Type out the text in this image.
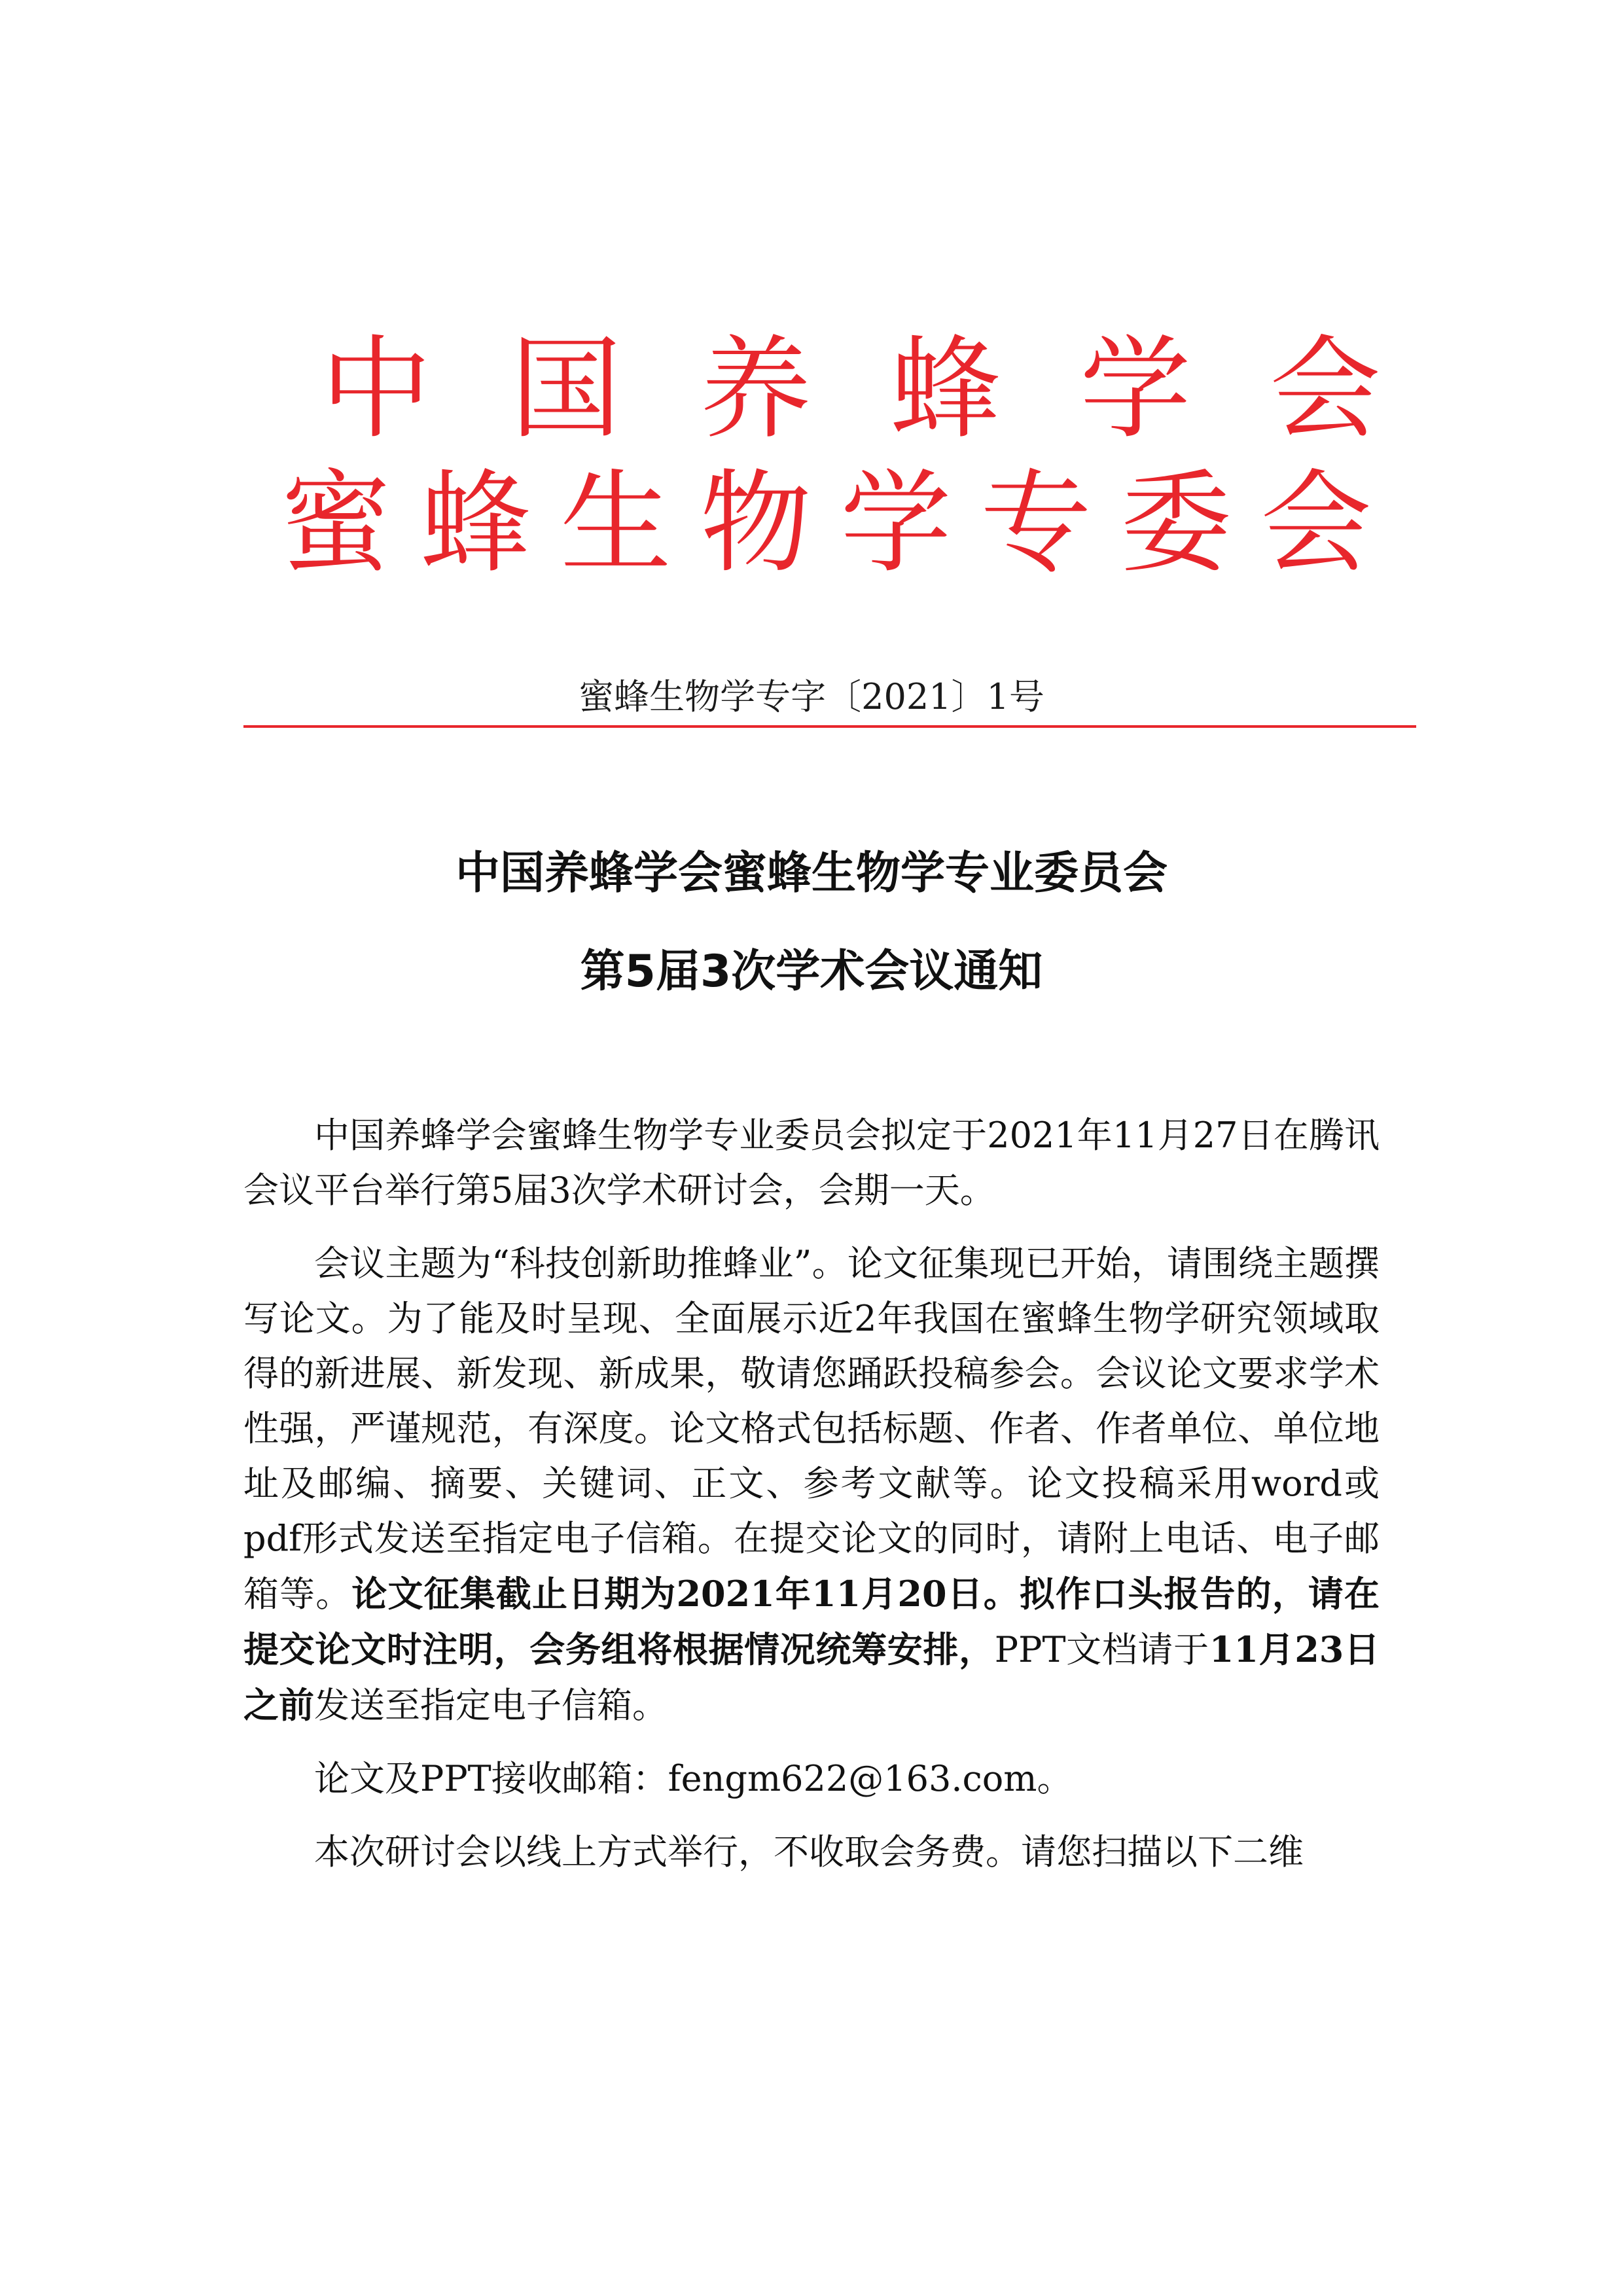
中国养蜂学会
蜜蜂生物学专委会
蜜蜂生物学专字〔2021〕1号
中国养蜂学会蜜蜂生物学专业委员会
第5届3次学术会议通知

中国养蜂学会蜜蜂生物学专业委员会拟定于2021年11月27日在腾讯会议平台举行第5届3次学术研讨会，会期一天。

会议主题为“科技创新助推蜂业”。论文征集现已开始，请围绕主题撰写论文。为了能及时呈现、全面展示近2年我国在蜜蜂生物学研究领域取得的新进展、新发现、新成果，敬请您踊跃投稿参会。会议论文要求学术性强，严谨规范，有深度。论文格式包括标题、作者、作者单位、单位地址及邮编、摘要、关键词、正文、参考文献等。论文投稿采用word或pdf形式发送至指定电子信箱。在提交论文的同时，请附上电话、电子邮箱等。论文征集截止日期为2021年11月20日。拟作口头报告的，请在提交论文时注明，会务组将根据情况统筹安排，PPT文档请于11月23日之前发送至指定电子信箱。

论文及PPT接收邮箱：fengm622@163.com。

本次研讨会以线上方式举行，不收取会务费。请您扫描以下二维
